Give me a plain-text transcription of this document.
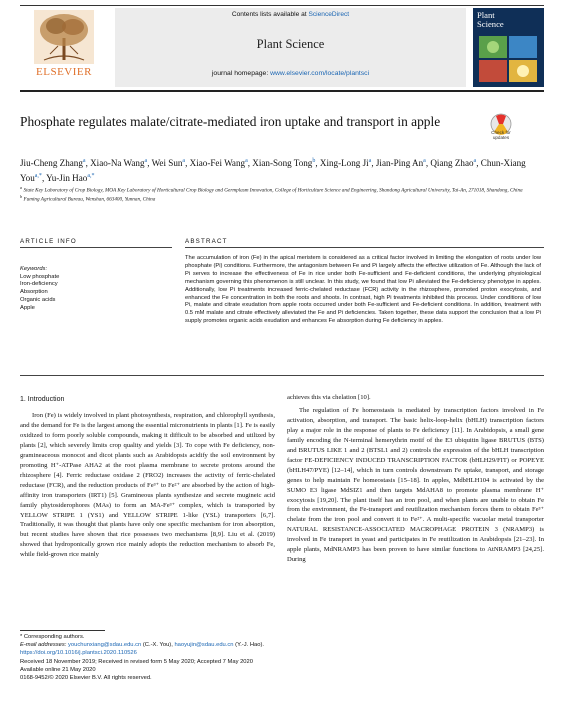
ELSEVIER
Contents lists available at ScienceDirect
Plant Science
journal homepage: www.elsevier.com/locate/plantsci
Plant
Science
Phosphate regulates malate/citrate-mediated iron uptake and transport in apple
Check for
updates
Jiu-Cheng Zhang$^a$, Xiao-Na Wang$^a$, Wei Sun$^a$, Xiao-Fei Wang$^a$, Xian-Song Tong$^b$, Xing-Long Ji$^a$, Jian-Ping An$^a$, Qiang Zhao$^a$, Chun-Xiang You$^{a,*}$, Yu-Jin Hao$^{a,*}$
$^a$ State Key Laboratory of Crop Biology, MOA Key Laboratory of Horticultural Crop Biology and Germplasm Innovation, College of Horticulture Science and Engineering, Shandong Agricultural University, Tai-An, 271018, Shandong, China
$^b$ Fuming Agricultural Bureau, Wenshan, 663400, Yunnan, China
ARTICLE INFO	ABSTRACT
Keywords:
Low phosphate
Iron-deficiency
Absorption
Organic acids
Apple
The accumulation of iron (Fe) in the apical meristem is considered as a critical factor involved in limiting the elongation of roots under low phosphate (Pi) conditions. Furthermore, the antagonism between Fe and Pi largely affects the effective utilization of Fe. Although the lack of Pi serves to increase the effectiveness of Fe in rice under both Fe-sufficient and Fe-deficient conditions, the underlying physiological mechanism governing this phenomenon is still unclear. In this study, we found that low Pi alleviated the Fe-deficiency phenotype in apples. Additionally, low Pi treatments increased ferric-chelated reductase (FCR) activity in the rhizosphere, promoted proton exocytosis, and enhanced the Fe concentration in both the roots and shoots. In contrast, high Pi treatments inhibited this process. Under conditions of low Pi, malate and citrate exudation from apple roots occurred under both Fe-sufficient and Fe-deficient conditions. In addition, treatment with 0.5 mM malate and citrate effectively alleviated the Fe and Pi deficiencies. Taken together, these data support the conclusion that a low Pi supply promotes organic acids exudation and enhances Fe absorption during Fe deficiency in apples.
1. Introduction

Iron (Fe) is widely involved in plant photosynthesis, respiration, and chlorophyll synthesis, and the demand for Fe is the largest among the essential micronutrients in plants [1]. Fe is easily oxidized to form poorly soluble compounds, making it difficult to be absorbed and utilized by plants [2], which severely limits crop quality and yields [3]. To cope with Fe deficiency, non-gramineaceous monocot and dicot plants such as Arabidopsis acidify the soil environment by promoting H⁺-ATPase AHA2 at the root plasma membrane to secrete protons around the rhizosphere [4]. Ferric reductase oxidase 2 (FRO2) increases the activity of ferric-chelated reductase (FCR), and the reduction products of Fe³⁺ to Fe²⁺ are absorbed by the action of high-affinity iron transporters (IRT1) [5]. Gramineous plants synthesize and secrete mugineic acid family phytosiderophores (MAs) to form an MA-Fe³⁺ complex, which is transported by YELLOW STRIPE 1 (YS1) and YELLOW STRIPE 1-like (YSL) transporters [6,7]. Traditionally, it was thought that plants have only one specific mechanism for iron absorption, but recent studies have shown that rice possesses two mechanisms [8,9]. Liu et al. (2019) showed that hydroponically grown rice mainly adopts the reduction mechanism to absorb Fe, while field-grown rice mainly

achieves this via chelation [10].

The regulation of Fe homeostasis is mediated by transcription factors involved in Fe activation, absorption, and transport. The basic helix-loop-helix (bHLH) transcription factors play a major role in the response of plants to Fe deficiency [11]. In Arabidopsis, a small gene family encoding the N-terminal hemerythrin motif of the E3 ubiquitin ligase BRUTUS (BTS) and BRUTUS LIKE 1 and 2 (BTSL1 and 2) controls the expression of the bHLH transcription factor FE-DEFICIENCY INDUCED TRANSCRIPTION FACTOR (bHLH29/FIT) or POPEYE (bHLH47/PYE) [12–14], which in turn controls downstream Fe uptake, transport, and storage genes to help maintain Fe homeostasis [15–18]. In apples, MdbHLH104 is activated by the SUMO E3 ligase MdSIZ1 and then targets MdAHA8 to promote plasma membrane H⁺ exocytosis [19,20]. The plant itself has an iron pool, and when plants are unable to obtain Fe from the environment, the Fe-transport and reutilization mechanism forces them to obtain Fe³⁺ chelate from the iron pool and convert it to Fe²⁺. A multi-specific vacuolar metal transporter NATURAL RESISTANCE-ASSOCIATED MACROPHAGE PROTEIN 3 (NRAMP3) is involved in Fe transport in yeast and participates in Fe reutilization in Arabidopsis [21–23]. In apple plants, MdNRAMP3 has been proven to have similar functions to AtNRAMP3 [24,25]. During

* Corresponding authors.
E-mail addresses: youchunxiang@sdau.edu.cn (C.-X. You), haoyujin@sdau.edu.cn (Y.-J. Hao).
https://doi.org/10.1016/j.plantsci.2020.110526
Received 18 November 2019; Received in revised form 5 May 2020; Accepted 7 May 2020
Available online 21 May 2020
0168-9452/© 2020 Elsevier B.V. All rights reserved.
